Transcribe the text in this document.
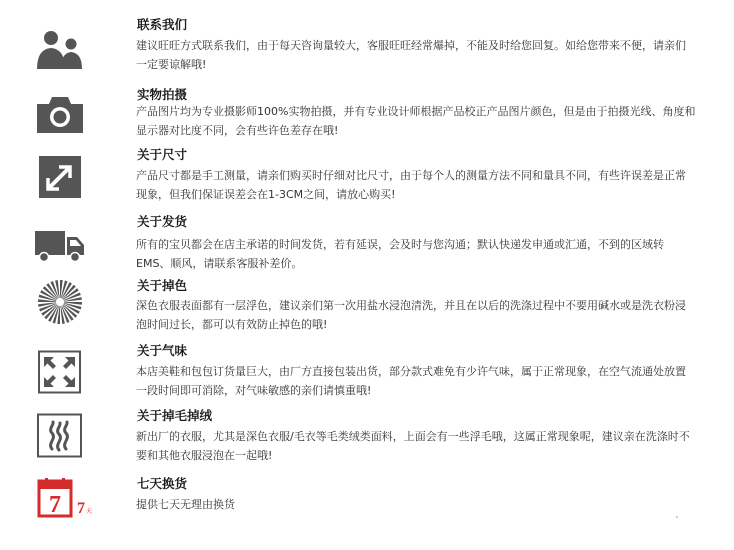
联系我们
建议旺旺方式联系我们，由于每天咨询量较大，客服旺旺经常爆掉，不能及时给您回复。如给您带来不便，请亲们一定要谅解哦!
实物拍摄
产品图片均为专业摄影师100%实物拍摄，并有专业设计师根据产品校正产品图片颜色，但是由于拍摄光线、角度和显示器对比度不同，会有些许色差存在哦!
关于尺寸
产品尺寸都是手工测量，请亲们购买时仔细对比尺寸，由于每个人的测量方法不同和量具不同，有些许误差是正常现象，但我们保证误差会在1-3CM之间，请放心购买!
关于发货
所有的宝贝都会在店主承诺的时间发货，若有延误，会及时与您沟通；默认快递发申通或汇通，不到的区域转EMS、顺风，请联系客服补差价。
关于掉色
深色衣服表面都有一层浮色，建议亲们第一次用盐水浸泡清洗，并且在以后的洗涤过程中不要用碱水或是洗衣粉浸泡时间过长，都可以有效防止掉色的哦!
关于气味
本店美鞋和包包订货量巨大，由厂方直接包装出货，部分款式难免有少许气味，属于正常现象，在空气流通处放置一段时间即可消除，对气味敏感的亲们请慎重哦!
关于掉毛掉绒
新出厂的衣服，尤其是深色衣服/毛衣等毛类绒类面料，上面会有一些浮毛哦，这属正常现象呢，建议亲在洗涤时不要和其他衣服浸泡在一起哦!
7 7 天
七天换货
提供七天无理由换货
